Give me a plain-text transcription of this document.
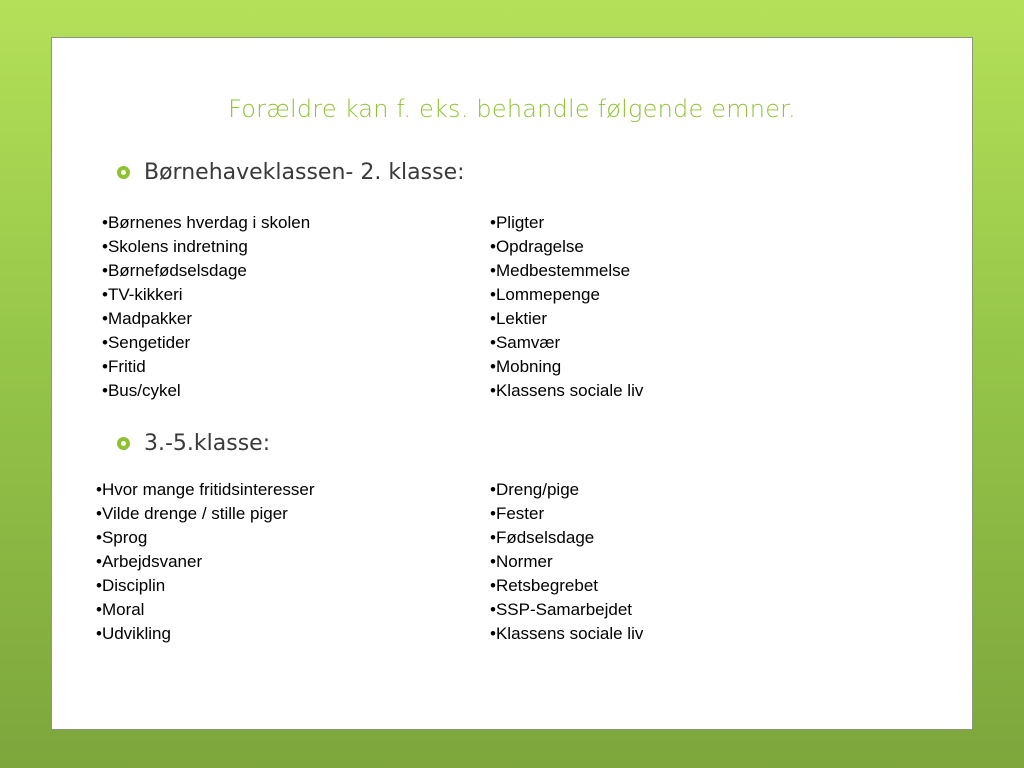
Forældre kan f. eks. behandle følgende emner.
Børnehaveklassen- 2. klasse:
• Børnenes hverdag i skolen
• Skolens indretning
• Børnefødselsdage
• TV-kikkeri
• Madpakker
• Sengetider
• Fritid
• Bus/cykel
• Pligter
• Opdragelse
• Medbestemmelse
• Lommepenge
• Lektier
• Samvær
• Mobning
• Klassens sociale liv
3.-5.klasse:
• Hvor mange fritidsinteresser
• Vilde drenge / stille piger
• Sprog
• Arbejdsvaner
• Disciplin
• Moral
• Udvikling
• Dreng/pige
• Fester
• Fødselsdage
• Normer
• Retsbegrebet
• SSP-Samarbejdet
• Klassens sociale liv
